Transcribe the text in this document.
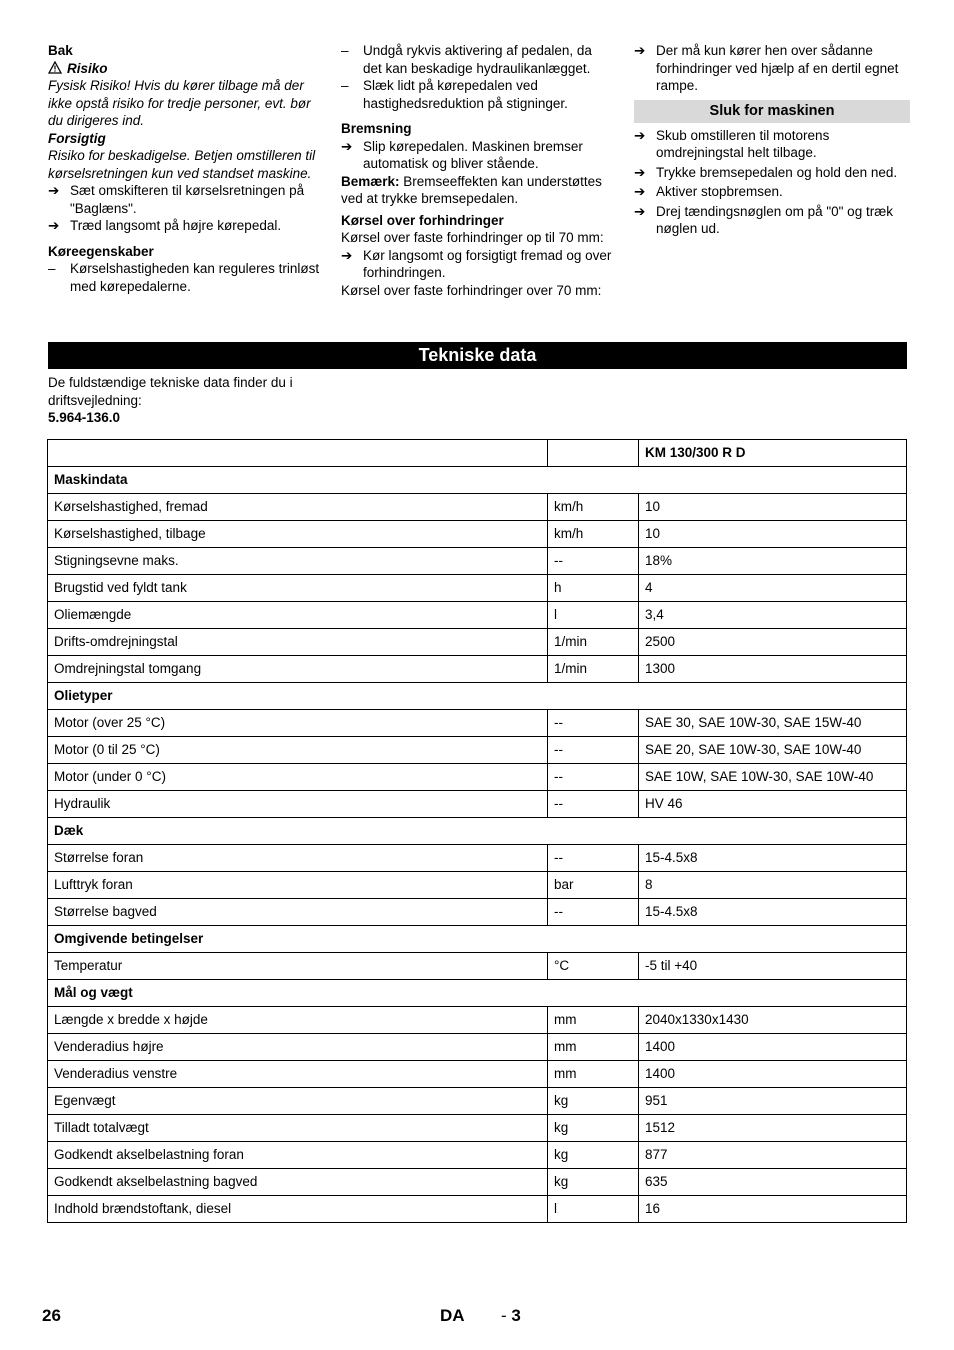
Bak

Risiko

Fysisk Risiko! Hvis du kører tilbage må der ikke opstå risiko for tredje personer, evt. bør du dirigeres ind.

Forsigtig

Risiko for beskadigelse. Betjen omstilleren til kørselsretningen kun ved standset maskine.

➔ Sæt omskifteren til kørselsretningen på "Baglæns".
➔ Træd langsomt på højre kørepedal.

Køreegenskaber

–	Kørselshastigheden kan reguleres trinløst med kørepedalerne.
–	Undgå rykvis aktivering af pedalen, da det kan beskadige hydraulikanlægget.
–	Slæk lidt på kørepedalen ved hastighedsreduktion på stigninger.

Bremsning

➔ Slip kørepedalen. Maskinen bremser automatisk og bliver stående.

Bemærk: Bremseeffekten kan understøttes ved at trykke bremsepedalen.

Kørsel over forhindringer

Kørsel over faste forhindringer op til 70 mm:

➔ Kør langsomt og forsigtigt fremad og over forhindringen.

Kørsel over faste forhindringer over 70 mm:

➔ Der må kun kører hen over sådanne forhindringer ved hjælp af en dertil egnet rampe.
Sluk for maskinen
➔ Skub omstilleren til motorens omdrejningstal helt tilbage.
➔ Trykke bremsepedalen og hold den ned.
➔ Aktiver stopbremsen.
➔ Drej tændingsnøglen om på "0" og træk nøglen ud.
Tekniske data

De fuldstændige tekniske data finder du i driftsvejledning:

5.964-136.0

		KM 130/300 R D
Maskindata		
Kørselshastighed, fremad	km/h	10
Kørselshastighed, tilbage	km/h	10
Stigningsevne maks.	--	18%
Brugstid ved fyldt tank	h	4
Oliemængde	l	3,4
Drifts-omdrejningstal	1/min	2500
Omdrejningstal tomgang	1/min	1300
Olietyper		
Motor (over 25 °C)	--	SAE 30, SAE 10W-30, SAE 15W-40
Motor (0 til 25 °C)	--	SAE 20, SAE 10W-30, SAE 10W-40
Motor (under 0 °C)	--	SAE 10W, SAE 10W-30, SAE 10W-40
Hydraulik	--	HV 46
Dæk		
Størrelse foran	--	15-4.5x8
Lufttryk foran	bar	8
Størrelse bagved	--	15-4.5x8
Omgivende betingelser		
Temperatur	°C	-5 til +40
Mål og vægt		
Længde x bredde x højde	mm	2040x1330x1430
Venderadius højre	mm	1400
Venderadius venstre	mm	1400
Egenvægt	kg	951
Tilladt totalvægt	kg	1512
Godkendt akselbelastning foran	kg	877
Godkendt akselbelastning bagved	kg	635
Indhold brændstoftank, diesel	l	16
26	DA - 3
